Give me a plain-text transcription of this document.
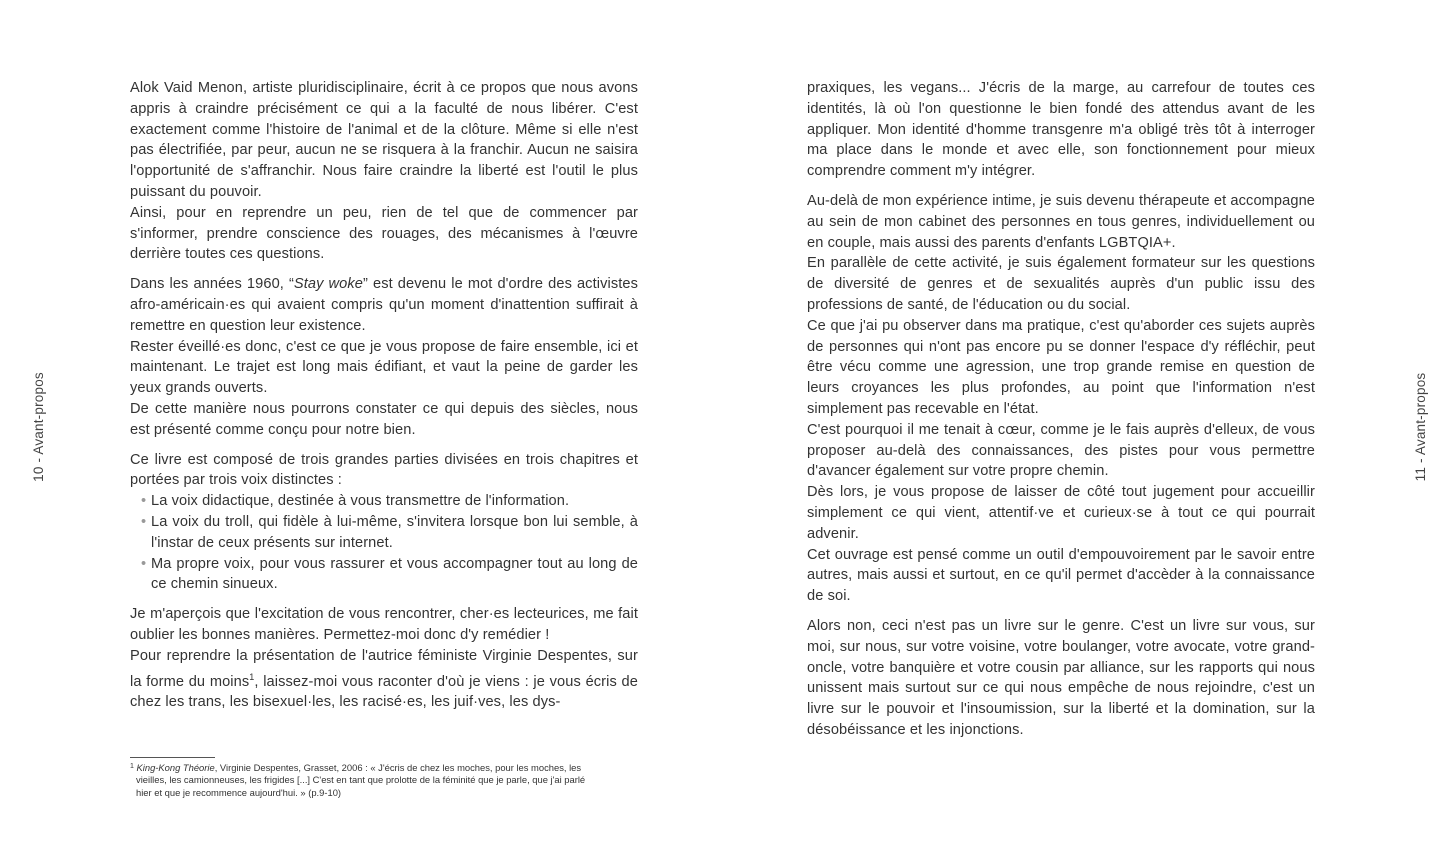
10 - Avant-propos

Alok Vaid Menon, artiste pluridisciplinaire, écrit à ce propos que nous avons appris à craindre précisément ce qui a la faculté de nous libérer. C'est exactement comme l'histoire de l'animal et de la clôture. Même si elle n'est pas électrifiée, par peur, aucun ne se risquera à la franchir. Aucun ne saisira l'opportunité de s'affranchir. Nous faire craindre la liberté est l'outil le plus puissant du pouvoir.

Ainsi, pour en reprendre un peu, rien de tel que de commencer par s'informer, prendre conscience des rouages, des mécanismes à l'œuvre derrière toutes ces questions.

Dans les années 1960, “Stay woke” est devenu le mot d'ordre des activistes afro-américain·es qui avaient compris qu'un moment d'inattention suffirait à remettre en question leur existence.

Rester éveillé·es donc, c'est ce que je vous propose de faire ensemble, ici et maintenant. Le trajet est long mais édifiant, et vaut la peine de garder les yeux grands ouverts.

De cette manière nous pourrons constater ce qui depuis des siècles, nous est présenté comme conçu pour notre bien.

Ce livre est composé de trois grandes parties divisées en trois chapitres et portées par trois voix distinctes :

• La voix didactique, destinée à vous transmettre de l'information.
• La voix du troll, qui fidèle à lui-même, s'invitera lorsque bon lui semble, à l'instar de ceux présents sur internet.
• Ma propre voix, pour vous rassurer et vous accompagner tout au long de ce chemin sinueux.

Je m'aperçois que l'excitation de vous rencontrer, cher·es lecteurices, me fait oublier les bonnes manières. Permettez-moi donc d'y remédier !

Pour reprendre la présentation de l'autrice féministe Virginie Despentes, sur la forme du moins$^1$, laissez-moi vous raconter d'où je viens : je vous écris de chez les trans, les bisexuel·les, les racisé·es, les juif·ves, les dys-

$^1$ King-Kong Théorie, Virginie Despentes, Grasset, 2006 : « J'écris de chez les moches, pour les moches, les
vieilles, les camionneuses, les frigides [...] C'est en tant que prolotte de la féminité que je parle, que j'ai parlé
hier et que je recommence aujourd'hui. » (p.9-10)

praxiques, les vegans... J'écris de la marge, au carrefour de toutes ces identités, là où l'on questionne le bien fondé des attendus avant de les appliquer. Mon identité d'homme transgenre m'a obligé très tôt à interroger ma place dans le monde et avec elle, son fonctionnement pour mieux comprendre comment m'y intégrer.

Au-delà de mon expérience intime, je suis devenu thérapeute et accompagne au sein de mon cabinet des personnes en tous genres, individuellement ou en couple, mais aussi des parents d'enfants LGBTQIA+.

En parallèle de cette activité, je suis également formateur sur les questions de diversité de genres et de sexualités auprès d'un public issu des professions de santé, de l'éducation ou du social.

Ce que j'ai pu observer dans ma pratique, c'est qu'aborder ces sujets auprès de personnes qui n'ont pas encore pu se donner l'espace d'y réfléchir, peut être vécu comme une agression, une trop grande remise en question de leurs croyances les plus profondes, au point que l'information n'est simplement pas recevable en l'état.

C'est pourquoi il me tenait à cœur, comme je le fais auprès d'elleux, de vous proposer au-delà des connaissances, des pistes pour vous permettre d'avancer également sur votre propre chemin.

Dès lors, je vous propose de laisser de côté tout jugement pour accueillir simplement ce qui vient, attentif·ve et curieux·se à tout ce qui pourrait advenir.

Cet ouvrage est pensé comme un outil d'empouvoirement par le savoir entre autres, mais aussi et surtout, en ce qu'il permet d'accèder à la connaissance de soi.

Alors non, ceci n'est pas un livre sur le genre. C'est un livre sur vous, sur moi, sur nous, sur votre voisine, votre boulanger, votre avocate, votre grand-oncle, votre banquière et votre cousin par alliance, sur les rapports qui nous unissent mais surtout sur ce qui nous empêche de nous rejoindre, c'est un livre sur le pouvoir et l'insoumission, sur la liberté et la domination, sur la désobéissance et les injonctions.

11 - Avant-propos
